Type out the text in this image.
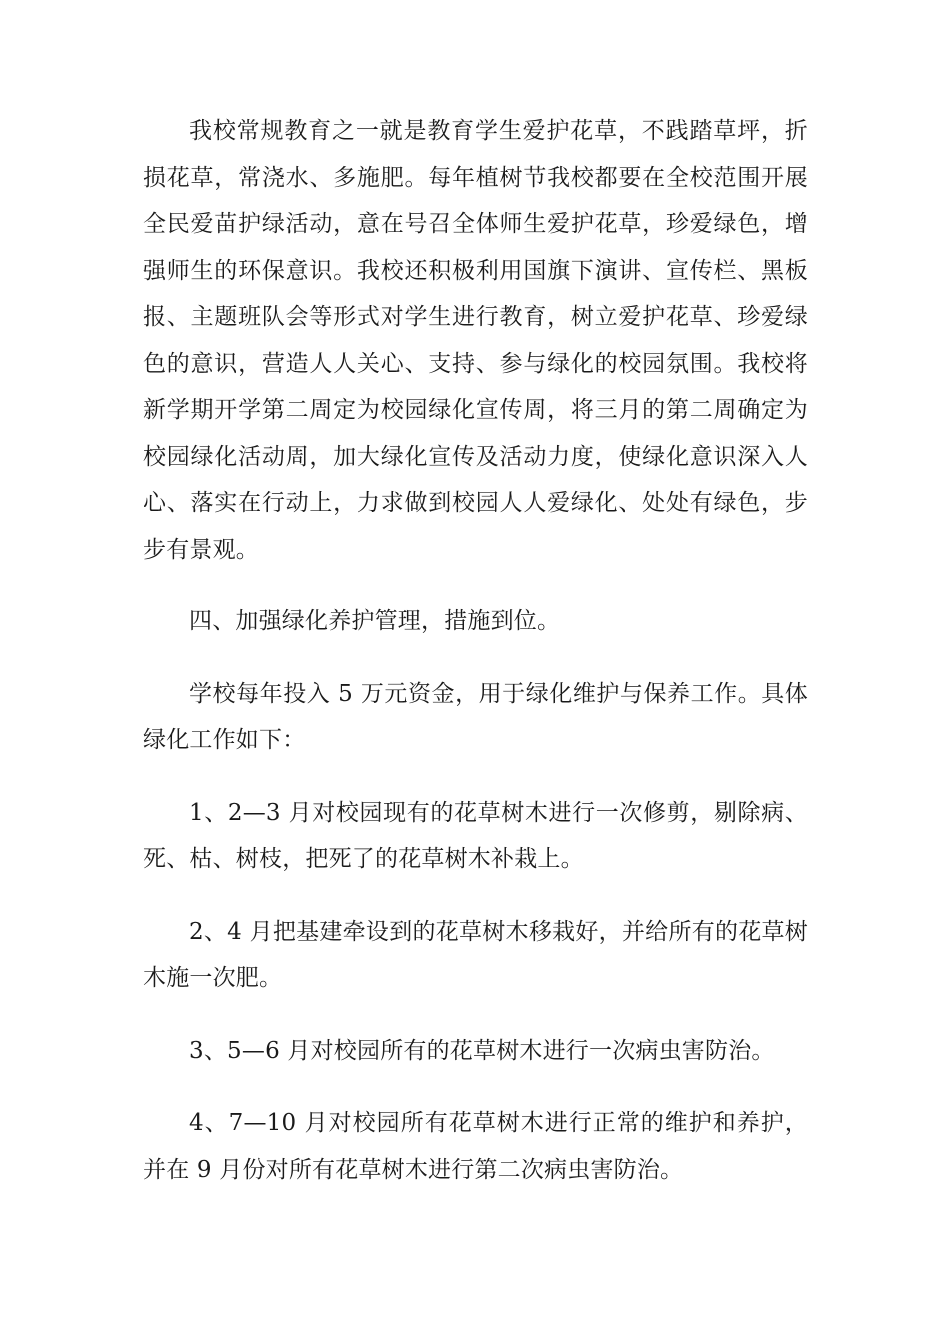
我校常规教育之一就是教育学生爱护花草，不践踏草坪，折损花草，常浇水、多施肥。每年植树节我校都要在全校范围开展全民爱苗护绿活动，意在号召全体师生爱护花草，珍爱绿色，增强师生的环保意识。我校还积极利用国旗下演讲、宣传栏、黑板报、主题班队会等形式对学生进行教育，树立爱护花草、珍爱绿色的意识，营造人人关心、支持、参与绿化的校园氛围。我校将新学期开学第二周定为校园绿化宣传周，将三月的第二周确定为校园绿化活动周，加大绿化宣传及活动力度，使绿化意识深入人心、落实在行动上，力求做到校园人人爱绿化、处处有绿色，步步有景观。

四、加强绿化养护管理，措施到位。

学校每年投入 5 万元资金，用于绿化维护与保养工作。具体绿化工作如下：

1、2—3 月对校园现有的花草树木进行一次修剪，剔除病、死、枯、树枝，把死了的花草树木补栽上。

2、4 月把基建牵设到的花草树木移栽好，并给所有的花草树木施一次肥。

3、5—6 月对校园所有的花草树木进行一次病虫害防治。

4、7—10 月对校园所有花草树木进行正常的维护和养护，并在 9 月份对所有花草树木进行第二次病虫害防治。
